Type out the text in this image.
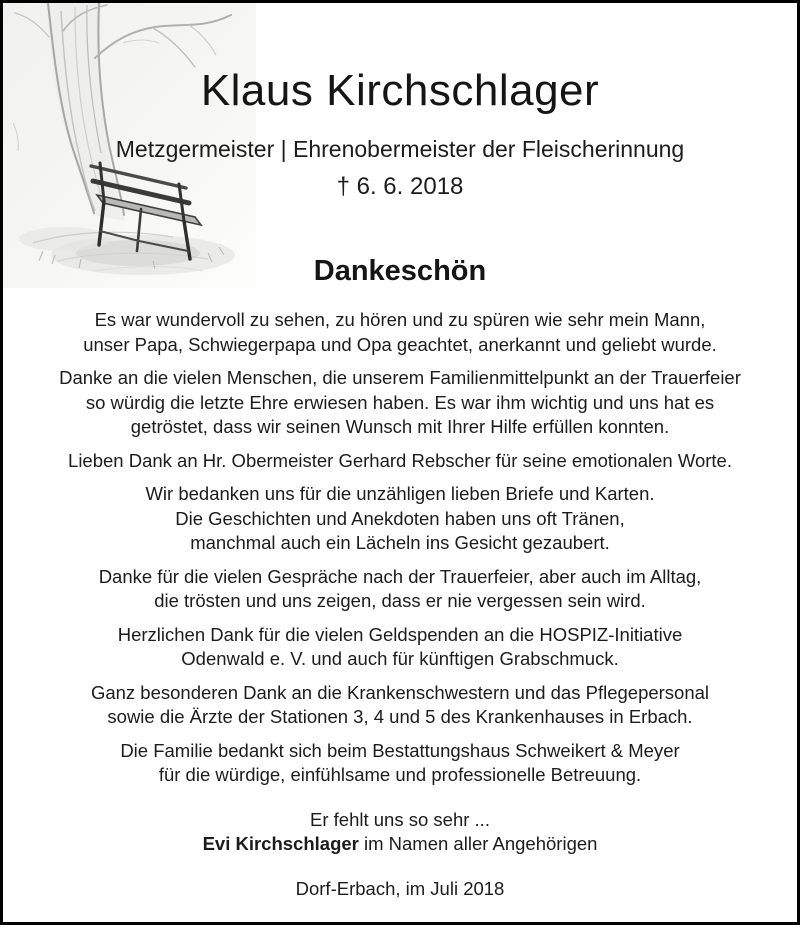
Klaus Kirchschlager
Metzgermeister | Ehrenobermeister der Fleischerinnung
† 6. 6. 2018
Dankeschön
Es war wundervoll zu sehen, zu hören und zu spüren wie sehr mein Mann,
unser Papa, Schwiegerpapa und Opa geachtet, anerkannt und geliebt wurde.
Danke an die vielen Menschen, die unserem Familienmittelpunkt an der Trauerfeier
so würdig die letzte Ehre erwiesen haben. Es war ihm wichtig und uns hat es
getröstet, dass wir seinen Wunsch mit Ihrer Hilfe erfüllen konnten.
Lieben Dank an Hr. Obermeister Gerhard Rebscher für seine emotionalen Worte.
Wir bedanken uns für die unzähligen lieben Briefe und Karten.
Die Geschichten und Anekdoten haben uns oft Tränen,
manchmal auch ein Lächeln ins Gesicht gezaubert.
Danke für die vielen Gespräche nach der Trauerfeier, aber auch im Alltag,
die trösten und uns zeigen, dass er nie vergessen sein wird.
Herzlichen Dank für die vielen Geldspenden an die HOSPIZ-Initiative
Odenwald e. V. und auch für künftigen Grabschmuck.
Ganz besonderen Dank an die Krankenschwestern und das Pflegepersonal
sowie die Ärzte der Stationen 3, 4 und 5 des Krankenhauses in Erbach.
Die Familie bedankt sich beim Bestattungshaus Schweikert & Meyer
für die würdige, einfühlsame und professionelle Betreuung.
Er fehlt uns so sehr ...
Evi Kirchschlager im Namen aller Angehörigen
Dorf-Erbach, im Juli 2018
